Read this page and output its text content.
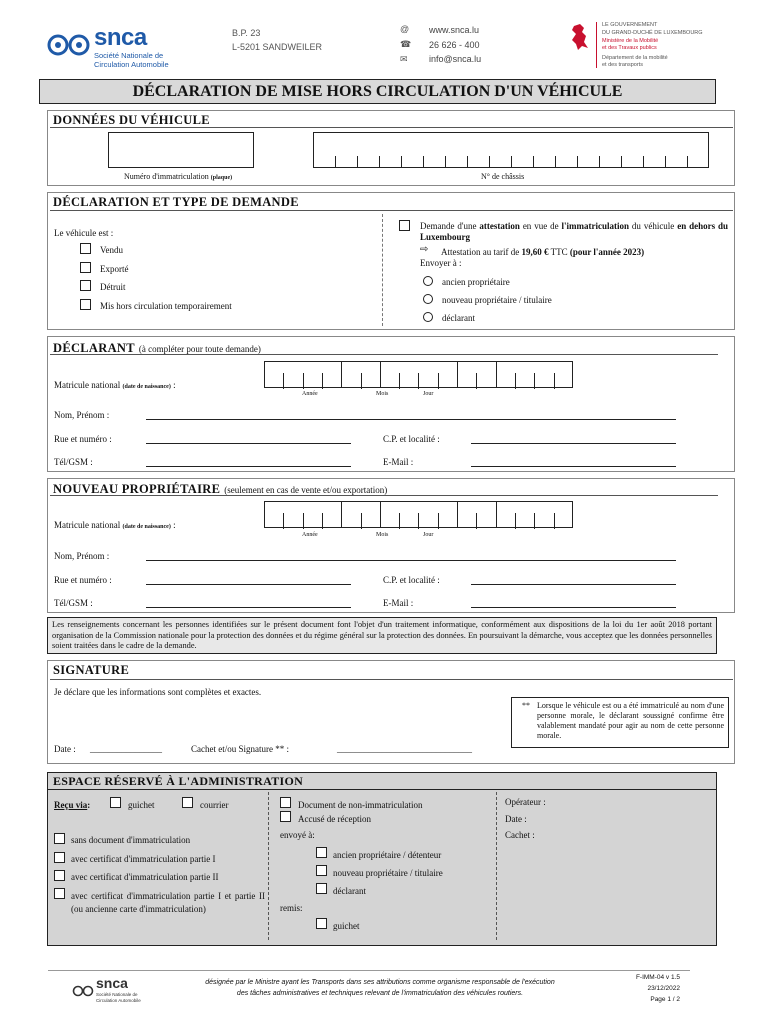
snca
Société Nationale de
Circulation Automobile
B.P. 23
L-5201 SANDWEILER
@ www.snca.lu
☎ 26 626 - 400
✉ info@snca.lu
LE GOUVERNEMENT
DU GRAND-DUCHÉ DE LUXEMBOURG
Ministère de la Mobilité
et des Travaux publics
Département de la mobilité
et des transports
DÉCLARATION DE MISE HORS CIRCULATION D'UN VÉHICULE
DONNÉES DU VÉHICULE
Numéro d'immatriculation (plaque)	N° de châssis
DÉCLARATION ET TYPE DE DEMANDE
Le véhicule est :
Vendu
Exporté
Détruit
Mis hors circulation temporairement
Demande d'une attestation en vue de l'immatriculation du véhicule en dehors du Luxembourg
⇨ Attestation au tarif de 19,60 € TTC (pour l'année 2023)
Envoyer à :
ancien propriétaire
nouveau propriétaire / titulaire
déclarant
DÉCLARANT (à compléter pour toute demande)
Matricule national (date de naissance) :
Année	Mois	Jour
Nom, Prénom :
Rue et numéro :	C.P. et localité :
Tél/GSM :	E-Mail :
NOUVEAU PROPRIÉTAIRE (seulement en cas de vente et/ou exportation)
Matricule national (date de naissance) :
Année	Mois	Jour
Nom, Prénom :
Rue et numéro :	C.P. et localité :
Tél/GSM :	E-Mail :
Les renseignements concernant les personnes identifiées sur le présent document font l'objet d'un traitement informatique, conformément aux dispositions de la loi du 1er août 2018 portant organisation de la Commission nationale pour la protection des données et du régime général sur la protection des données. En poursuivant la démarche, vous acceptez que les données personnelles soient traitées dans le cadre de la demande.
SIGNATURE
Je déclare que les informations sont complètes et exactes.
Date : ________________	Cachet et/ou Signature ** :	______________________________
** Lorsque le véhicule est ou a été immatriculé au nom d'une personne morale, le déclarant soussigné confirme être valablement mandaté pour agir au nom de cette personne morale.
ESPACE RÉSERVÉ À L'ADMINISTRATION
Reçu via:	guichet	courrier
sans document d'immatriculation
avec certificat d'immatriculation partie I
avec certificat d'immatriculation partie II
avec certificat d'immatriculation partie I et partie II (ou ancienne carte d'immatriculation)
Document de non-immatriculation
Accusé de réception
envoyé à:
ancien propriétaire / détenteur
nouveau propriétaire / titulaire
déclarant
remis:
guichet
Opérateur :
Date :
Cachet :
snca
Société Nationale de
Circulation Automobile
désignée par le Ministre ayant les Transports dans ses attributions comme organisme responsable de l'exécution
des tâches administratives et techniques relevant de l'immatriculation des véhicules routiers.
F-IMM-04 v 1.5
23/12/2022
Page 1 / 2
